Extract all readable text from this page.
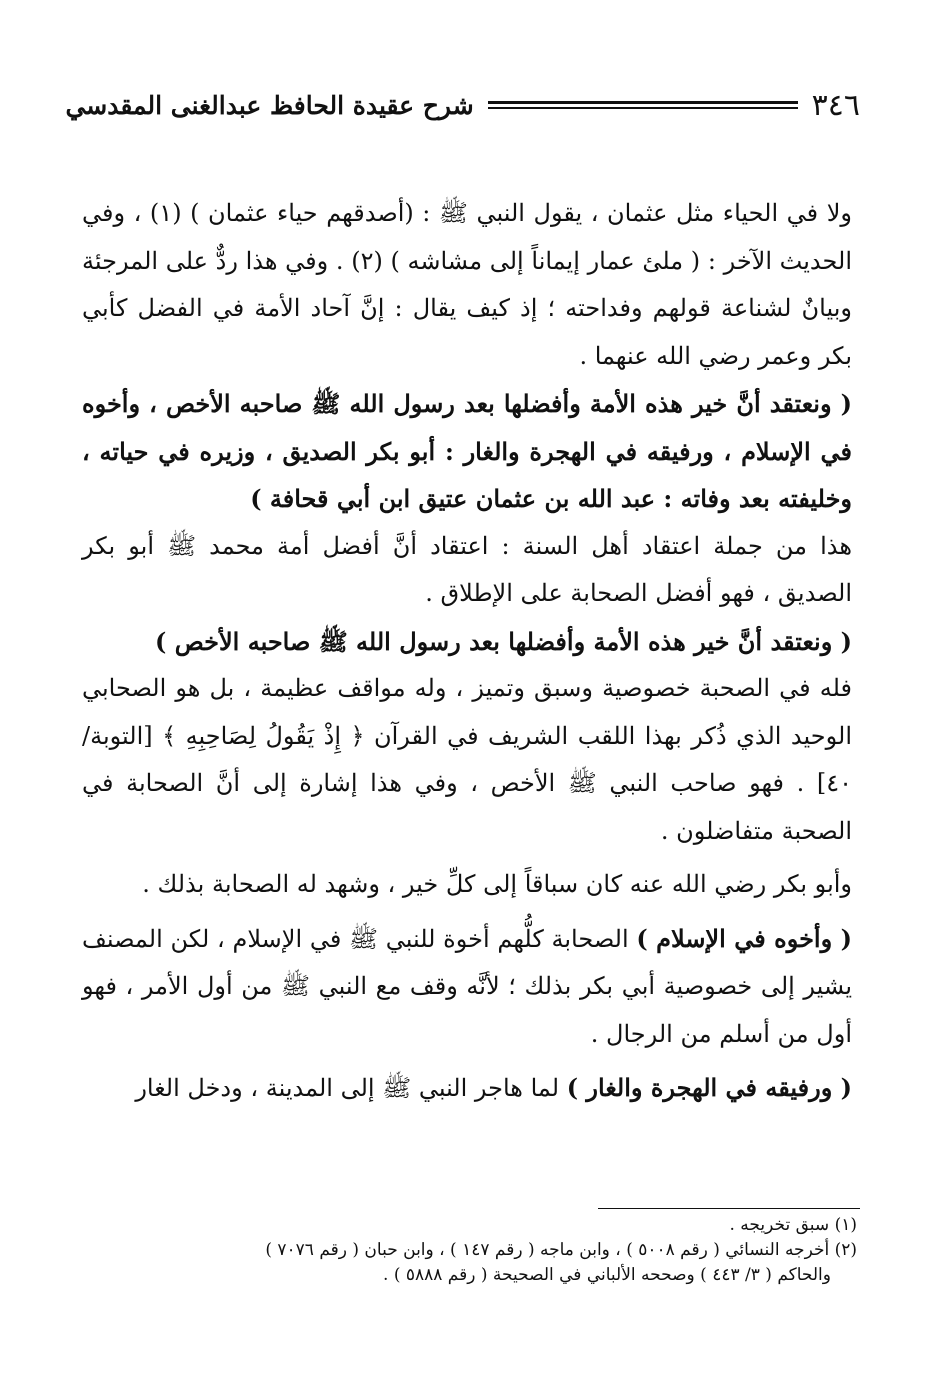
٣٤٦
شرح عقيدة الحافظ عبدالغنى المقدسي

ولا في الحياء مثل عثمان ، يقول النبي ﷺ : (أصدقهم حياء عثمان ) (١) ، وفي الحديث الآخر : ( ملئ عمار إيماناً إلى مشاشه ) (٢) . وفي هذا ردٌّ على المرجئة وبيانٌ لشناعة قولهم وفداحته ؛ إذ كيف يقال : إنَّ آحاد الأمة في الفضل كأبي بكر وعمر رضي الله عنهما .

( ونعتقد أنَّ خير هذه الأمة وأفضلها بعد رسول الله ﷺ صاحبه الأخص ، وأخوه في الإسلام ، ورفيقه في الهجرة والغار : أبو بكر الصديق ، وزيره في حياته ، وخليفته بعد وفاته : عبد الله بن عثمان عتيق ابن أبي قحافة )

هذا من جملة اعتقاد أهل السنة : اعتقاد أنَّ أفضل أمة محمد ﷺ أبو بكر الصديق ، فهو أفضل الصحابة على الإطلاق .

( ونعتقد أنَّ خير هذه الأمة وأفضلها بعد رسول الله ﷺ صاحبه الأخص )

فله في الصحبة خصوصية وسبق وتميز ، وله مواقف عظيمة ، بل هو الصحابي الوحيد الذي ذُكر بهذا اللقب الشريف في القرآن ﴿ إِذْ يَقُولُ لِصَاحِبِهِ ﴾ [التوبة/ ٤٠] . فهو صاحب النبي ﷺ الأخص ، وفي هذا إشارة إلى أنَّ الصحابة في الصحبة متفاضلون .

وأبو بكر رضي الله عنه كان سباقاً إلى كلِّ خير ، وشهد له الصحابة بذلك .

( وأخوه في الإسلام ) الصحابة كلُّهم أخوة للنبي ﷺ في الإسلام ، لكن المصنف يشير إلى خصوصية أبي بكر بذلك ؛ لأنَّه وقف مع النبي ﷺ من أول الأمر ، فهو أول من أسلم من الرجال .

( ورفيقه في الهجرة والغار ) لما هاجر النبي ﷺ إلى المدينة ، ودخل الغار

(١) سبق تخريجه .

(٢) أخرجه النسائي ( رقم ٥٠٠٨ ) ، وابن ماجه ( رقم ١٤٧ ) ، وابن حبان ( رقم ٧٠٧٦ )

والحاكم ( ٣/ ٤٤٣ ) وصححه الألباني في الصحيحة ( رقم ٥٨٨٨ ) .
